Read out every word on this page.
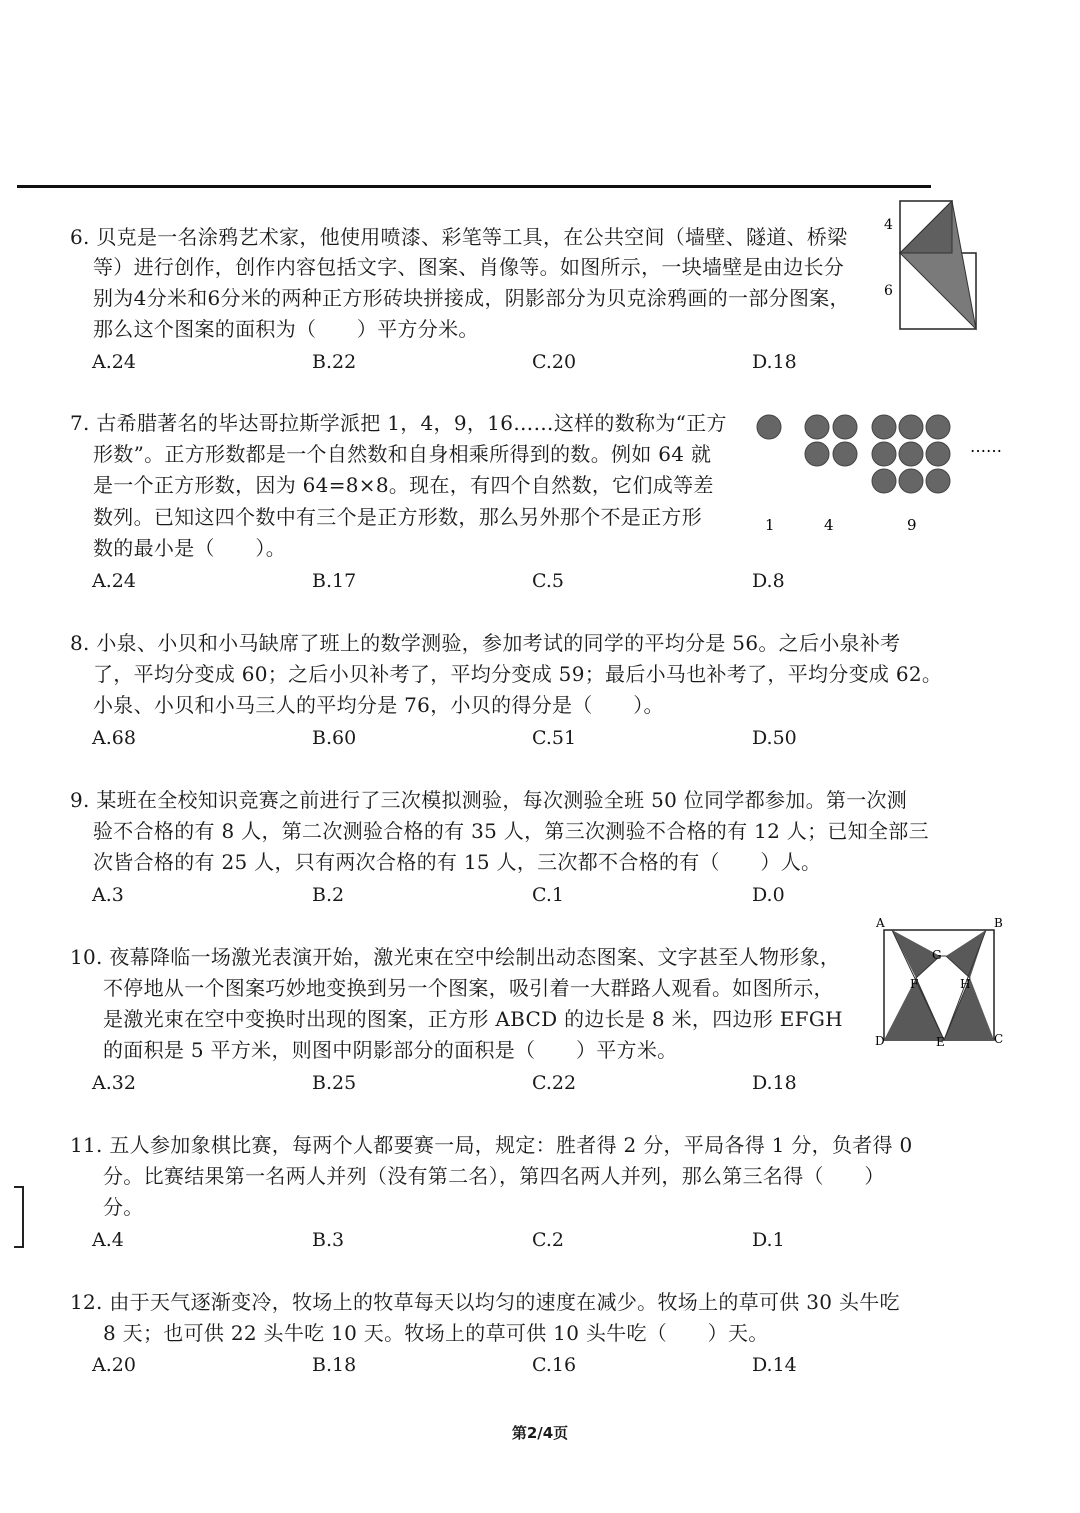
6. 贝克是一名涂鸦艺术家，他使用喷漆、彩笔等工具，在公共空间（墙壁、隧道、桥梁
等）进行创作，创作内容包括文字、图案、肖像等。如图所示，一块墙壁是由边长分
别为4分米和6分米的两种正方形砖块拼接成，阴影部分为贝克涂鸦画的一部分图案，
那么这个图案的面积为（　　）平方分米。
A.24	B.22	C.20	D.18
4
6
7. 古希腊著名的毕达哥拉斯学派把 1，4，9，16……这样的数称为“正方
形数”。正方形数都是一个自然数和自身相乘所得到的数。例如 64 就
是一个正方形数，因为 64=8×8。现在，有四个自然数，它们成等差
数列。已知这四个数中有三个是正方形数，那么另外那个不是正方形
数的最小是（　　）。
A.24	B.17	C.5	D.8
……
1	4	9
8. 小泉、小贝和小马缺席了班上的数学测验，参加考试的同学的平均分是 56。之后小泉补考
了，平均分变成 60；之后小贝补考了，平均分变成 59；最后小马也补考了，平均分变成 62。
小泉、小贝和小马三人的平均分是 76，小贝的得分是（　　）。
A.68	B.60	C.51	D.50
9. 某班在全校知识竞赛之前进行了三次模拟测验，每次测验全班 50 位同学都参加。第一次测
验不合格的有 8 人，第二次测验合格的有 35 人，第三次测验不合格的有 12 人；已知全部三
次皆合格的有 25 人，只有两次合格的有 15 人，三次都不合格的有（　　）人。
A.3	B.2	C.1	D.0
10. 夜幕降临一场激光表演开始，激光束在空中绘制出动态图案、文字甚至人物形象，
不停地从一个图案巧妙地变换到另一个图案，吸引着一大群路人观看。如图所示，
是激光束在空中变换时出现的图案，正方形 ABCD 的边长是 8 米，四边形 EFGH
的面积是 5 平方米，则图中阴影部分的面积是（　　）平方米。
A.32	B.25	C.22	D.18
A	B
C
D	E
F
G
H
11. 五人参加象棋比赛，每两个人都要赛一局，规定：胜者得 2 分，平局各得 1 分，负者得 0
分。比赛结果第一名两人并列（没有第二名），第四名两人并列，那么第三名得（　　）
分。
A.4	B.3	C.2	D.1
12. 由于天气逐渐变冷，牧场上的牧草每天以均匀的速度在减少。牧场上的草可供 30 头牛吃
8 天；也可供 22 头牛吃 10 天。牧场上的草可供 10 头牛吃（　　）天。
A.20	B.18	C.16	D.14
第2/4页
